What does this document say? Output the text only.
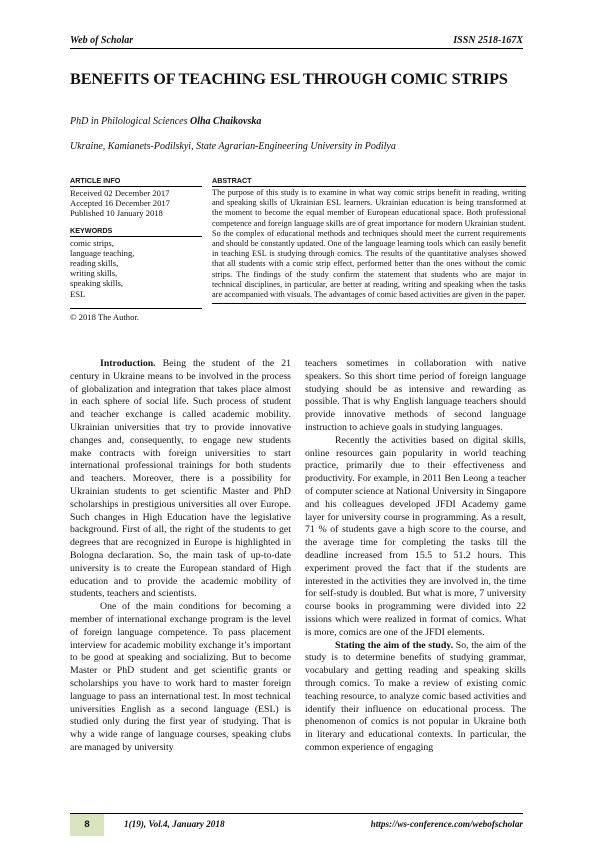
Web of Scholar	ISSN 2518-167X
BENEFITS OF TEACHING ESL THROUGH COMIC STRIPS
PhD in Philological Sciences Olha Chaikovska
Ukraine, Kamianets-Podilskyi, State Agrarian-Engineering University in Podilya
ARTICLE INFO
Received 02 December 2017
Accepted 16 December 2017
Published 10 January 2018
KEYWORDS
comic strips,
language teaching,
reading skills,
writing skills,
speaking skills,
ESL
© 2018 The Author.
ABSTRACT

The purpose of this study is to examine in what way comic strips benefit in reading, writing and speaking skills of Ukrainian ESL learners. Ukrainian education is being transformed at the moment to become the equal member of European educational space. Both professional competence and foreign language skills are of great importance for modern Ukrainian student. So the complex of educational methods and techniques should meet the current requirements and should be constantly updated. One of the language learning tools which can easily benefit in teaching ESL is studying through comics. The results of the quantitative analyses showed that all students with a comic strip effect, performed better than the ones without the comic strips. The findings of the study confirm the statement that students who are major in technical disciplines, in particular, are better at reading, writing and speaking when the tasks are accompanied with visuals. The advantages of comic based activities are given in the paper.

Introduction. Being the student of the 21 century in Ukraine means to be involved in the process of globalization and integration that takes place almost in each sphere of social life. Such process of student and teacher exchange is called academic mobility. Ukrainian universities that try to provide innovative changes and, consequently, to engage new students make contracts with foreign universities to start international professional trainings for both students and teachers. Moreover, there is a possibility for Ukrainian students to get scientific Master and PhD scholarships in prestigious universities all over Europe. Such changes in High Education have the legislative background. First of all, the right of the students to get degrees that are recognized in Europe is highlighted in Bologna declaration. So, the main task of up-to-date university is to create the European standard of High education and to provide the academic mobility of students, teachers and scientists.

One of the main conditions for becoming a member of international exchange program is the level of foreign language competence. To pass placement interview for academic mobility exchange it’s important to be good at speaking and socializing. But to become Master or PhD student and get scientific grants or scholarships you have to work hard to master foreign language to pass an international test. In most technical universities English as a second language (ESL) is studied only during the first year of studying. That is why a wide range of language courses, speaking clubs are managed by university

teachers sometimes in collaboration with native speakers. So this short time period of foreign language studying should be as intensive and rewarding as possible. That is why English language teachers should provide innovative methods of second language instruction to achieve goals in studying languages.

Recently the activities based on digital skills, online resources gain popularity in world teaching practice, primarily due to their effectiveness and productivity. For example, in 2011 Ben Leong a teacher of computer science at National University in Singapore and his colleagues developed JFDI Academy game layer for university course in programming. As a result, 71 % of students gave a high score to the course, and the average time for completing the tasks till the deadline increased from 15.5 to 51.2 hours. This experiment proved the fact that if the students are interested in the activities they are involved in, the time for self-study is doubled. But what is more, 7 university course books in programming were divided into 22 issions which were realized in format of comics. What is more, comics are one of the JFDI elements.

Stating the aim of the study. So, the aim of the study is to determine benefits of studying grammar, vocabulary and getting reading and speaking skills through comics. To make a review of existing comic teaching resource, to analyze comic based activities and identify their influence on educational process. The phenomenon of comics is not popular in Ukraine both in literary and educational contexts. In particular, the common experience of engaging

8	1(19), Vol.4, January 2018	https://ws-conference.com/webofscholar
